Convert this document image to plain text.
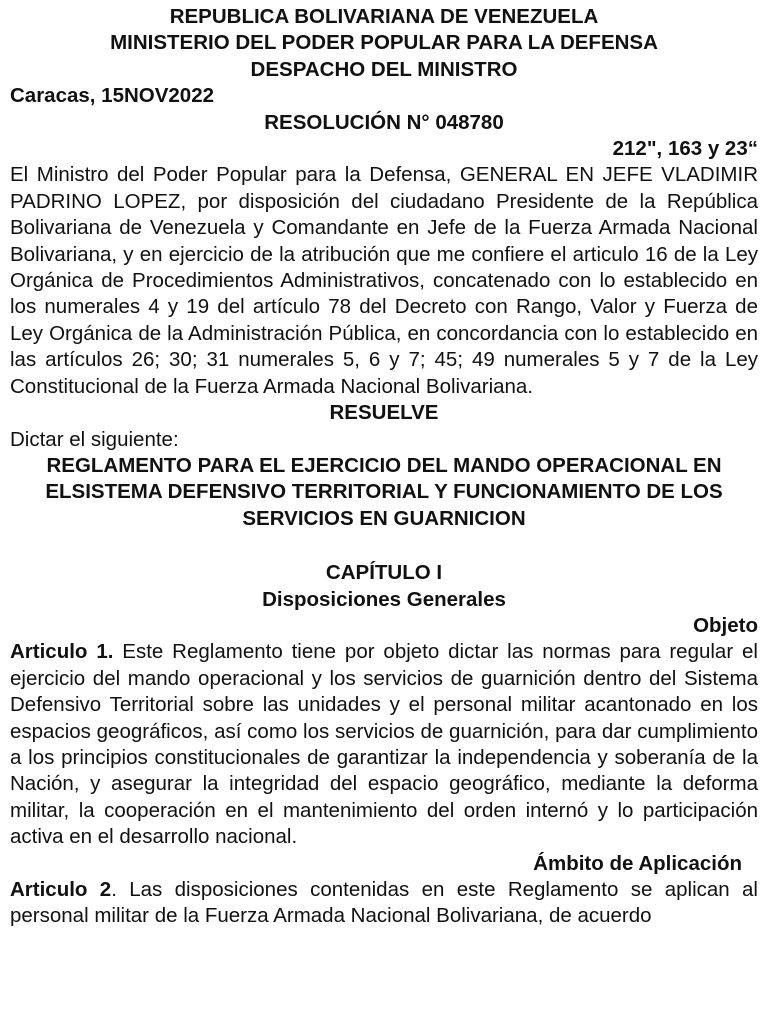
REPUBLICA BOLIVARIANA DE VENEZUELA

MINISTERIO DEL PODER POPULAR PARA LA DEFENSA

DESPACHO DEL MINISTRO

Caracas, 15NOV2022

RESOLUCIÓN N° 048780

212", 163 y 23“

El Ministro del Poder Popular para la Defensa, GENERAL EN JEFE VLADIMIR PADRINO LOPEZ, por disposición del ciudadano Presidente de la República Bolivariana de Venezuela y Comandante en Jefe de la Fuerza Armada Nacional Bolivariana, y en ejercicio de la atribución que me confiere el articulo 16 de la Ley Orgánica de Procedimientos Administrativos, concatenado con lo establecido en los numerales 4 y 19 del artículo 78 del Decreto con Rango, Valor y Fuerza de Ley Orgánica de la Administración Pública, en concordancia con lo establecido en las artículos 26; 30; 31 numerales 5, 6 y 7; 45; 49 numerales 5 y 7 de la Ley Constitucional de la Fuerza Armada Nacional Bolivariana.

RESUELVE

Dictar el siguiente:

REGLAMENTO PARA EL EJERCICIO DEL MANDO OPERACIONAL EN ELSISTEMA DEFENSIVO TERRITORIAL Y FUNCIONAMIENTO DE LOS SERVICIOS EN GUARNICION

CAPÍTULO I

Disposiciones Generales

Objeto

Articulo 1. Este Reglamento tiene por objeto dictar las normas para regular el ejercicio del mando operacional y los servicios de guarnición dentro del Sistema Defensivo Territorial sobre las unidades y el personal militar acantonado en los espacios geográficos, así como los servicios de guarnición, para dar cumplimiento a los principios constitucionales de garantizar la independencia y soberanía de la Nación, y asegurar la integridad del espacio geográfico, mediante la deforma militar, la cooperación en el mantenimiento del orden internó y lo participación activa en el desarrollo nacional.

Ámbito de Aplicación

Articulo 2. Las disposiciones contenidas en este Reglamento se aplican al personal militar de la Fuerza Armada Nacional Bolivariana, de acuerdo
